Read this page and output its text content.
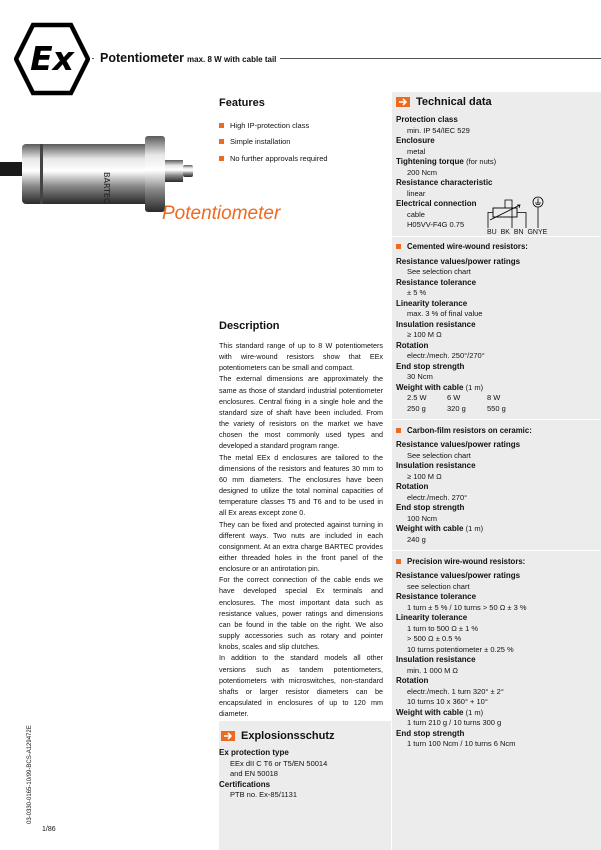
Ex	Potentiometer max. 8 W with cable tail
BARTEC
Potentiometer
Features
High IP-protection class
Simple installation
No further approvals required
Description

This standard range of up to 8 W potentiometers with wire-wound resistors show that EEx potentiometers can be small and compact.

The external dimensions are approximately the same as those of standard industrial potentiometer enclosures. Central fixing in a single hole and the standard size of shaft have been included. From the variety of resistors on the market we have chosen the most commonly used types and developed a standard program range.

The metal EEx d enclosures are tailored to the dimensions of the resistors and features 30 mm to 60 mm diameters. The enclosures have been designed to utilize the total nominal capacities of temperature classes T5 and T6 and to be used in all Ex areas except zone 0.

They can be fixed and protected against turning in different ways. Two nuts are included in each consignment. At an extra charge BARTEC provides either threaded holes in the front panel of the enclosure or an antirotation pin.

For the correct connection of the cable ends we have developed special Ex terminals and enclosures. The most important data such as resistance values, power ratings and dimensions can be found in the table on the right. We also supply accessories such as rotary and pointer knobs, scales and slip clutches.

In addition to the standard models all other versions such as tandem potentiometers, potentiometers with microswitches, non-standard shafts or larger resistor diameters can be encapsulated in enclosures of up to 120 mm diameter.

Explosionsschutz
Ex protection type
EEx dII C T6 or T5/EN 50014
and EN 50018
Certifications
PTB no. Ex-85/1131
Technical data
BU BK BN GNYE
Protection class
min. IP 54/IEC 529
Enclosure
metal
Tightening torque (for nuts)
200 Ncm
Resistance characteristic
linear
Electrical connection
cable
H05VV-F4G 0.75
Cemented wire-wound resistors:
Resistance values/power ratings
See selection chart
Resistance tolerance
± 5 %
Linearity tolerance
max. 3 % of final value
Insulation resistance
≥ 100 M Ω
Rotation
electr./mech. 250°/270°
End stop strength
30 Ncm
Weight with cable (1 m)
2.5 W	6 W	8 W
250 g	320 g	550 g
Carbon-film resistors on ceramic:
Resistance values/power ratings
See selection chart
Insulation resistance
≥ 100 M Ω
Rotation
electr./mech. 270°
End stop strength
100 Ncm
Weight with cable (1 m)
240 g
Precision wire-wound resistors:
Resistance values/power ratings
see selection chart
Resistance tolerance
1 turn ± 5 % / 10 turns > 50 Ω ± 3 %
Linearity tolerance
1 turn to 500 Ω ± 1 %
> 500 Ω ± 0.5 %
10 turns potentiometer ± 0.25 %
Insulation resistance
min. 1 000 M Ω
Rotation
electr./mech. 1 turn 320° ± 2°
10 turns 10 x 360° + 10°
Weight with cable (1 m)
1 turn 210 g / 10 turns 300 g
End stop strength
1 turn 100 Ncm / 10 turns 6 Ncm
03-0330-0165-10/99-BCS-A129472E
1/86
